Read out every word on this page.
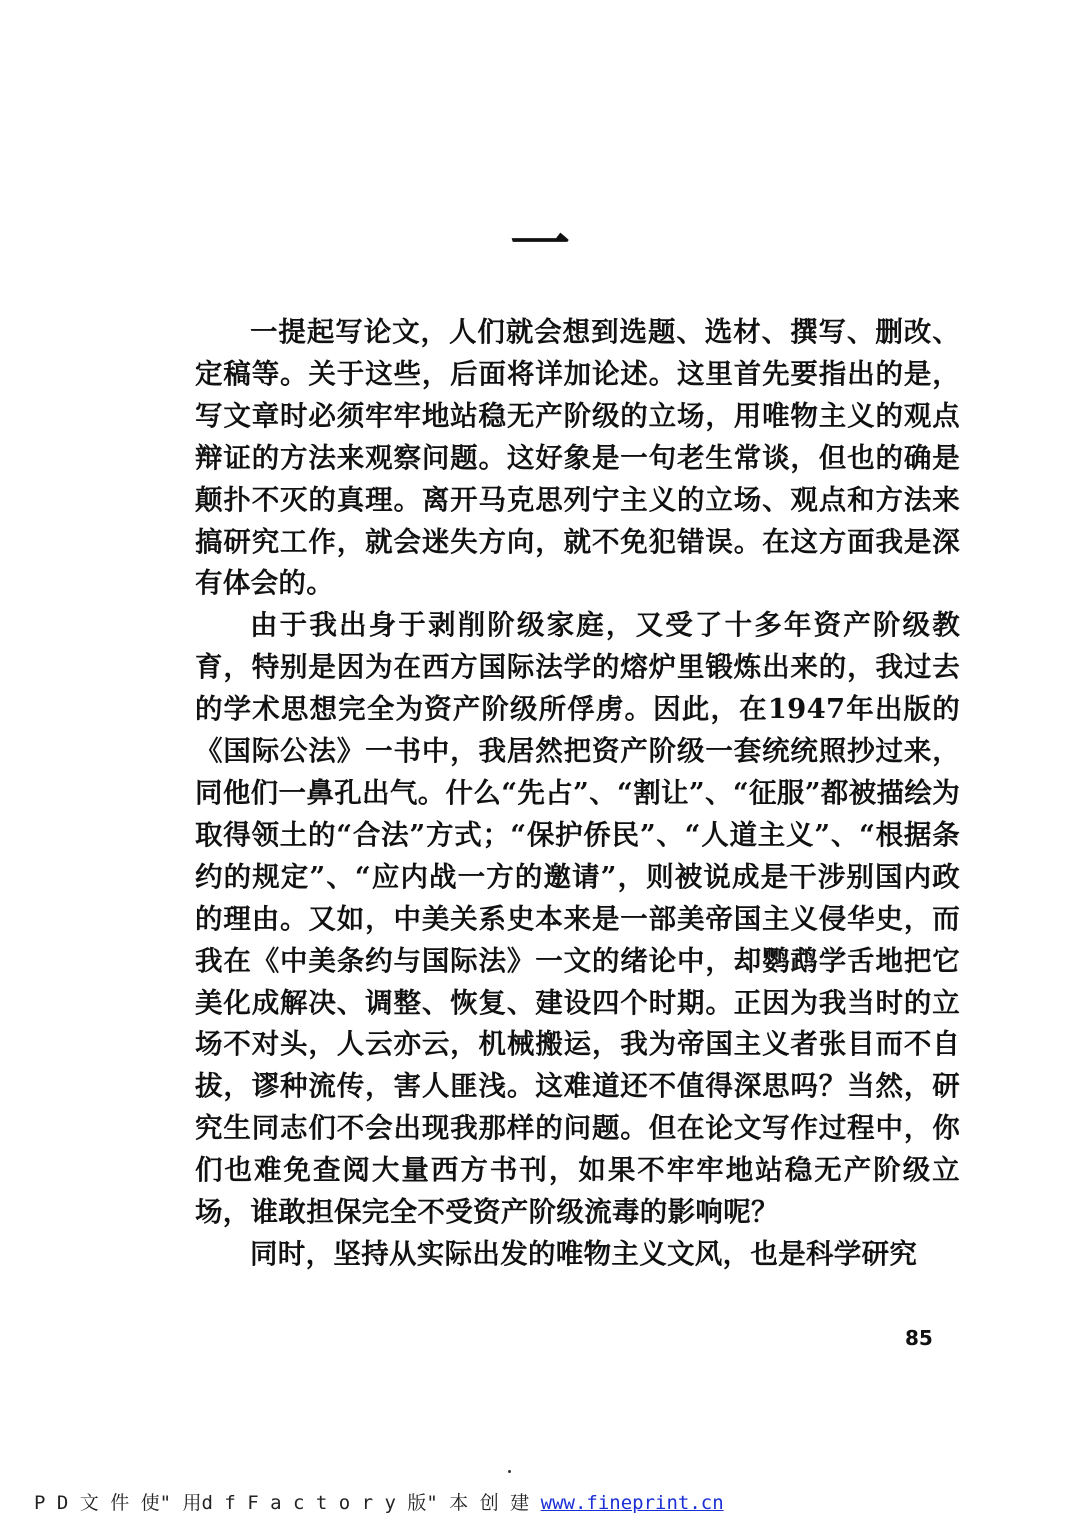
一

一提起写论文，人们就会想到选题、选材、撰写、删改、定稿等。关于这些，后面将详加论述。这里首先要指出的是，写文章时必须牢牢地站稳无产阶级的立场，用唯物主义的观点辩证的方法来观察问题。这好象是一句老生常谈，但也的确是颠扑不灭的真理。离开马克思列宁主义的立场、观点和方法来搞研究工作，就会迷失方向，就不免犯错误。在这方面我是深有体会的。

由于我出身于剥削阶级家庭，又受了十多年资产阶级教育，特别是因为在西方国际法学的熔炉里锻炼出来的，我过去的学术思想完全为资产阶级所俘虏。因此，在1947年出版的《国际公法》一书中，我居然把资产阶级一套统统照抄过来，同他们一鼻孔出气。什么“先占”、“割让”、“征服”都被描绘为取得领土的“合法”方式；“保护侨民”、“人道主义”、“根据条约的规定”、“应内战一方的邀请”，则被说成是干涉别国内政的理由。又如，中美关系史本来是一部美帝国主义侵华史，而我在《中美条约与国际法》一文的绪论中，却鹦鹉学舌地把它美化成解决、调整、恢复、建设四个时期。正因为我当时的立场不对头，人云亦云，机械搬运，我为帝国主义者张目而不自拔，谬种流传，害人匪浅。这难道还不值得深思吗？当然，研究生同志们不会出现我那样的问题。但在论文写作过程中，你们也难免查阅大量西方书刊，如果不牢牢地站稳无产阶级立场，谁敢担保完全不受资产阶级流毒的影响呢？

同时，坚持从实际出发的唯物主义文风，也是科学研究

85
P D 文 件 使" 用d f F a c t o r y 版" 本 创 建 www.fineprint.cn
